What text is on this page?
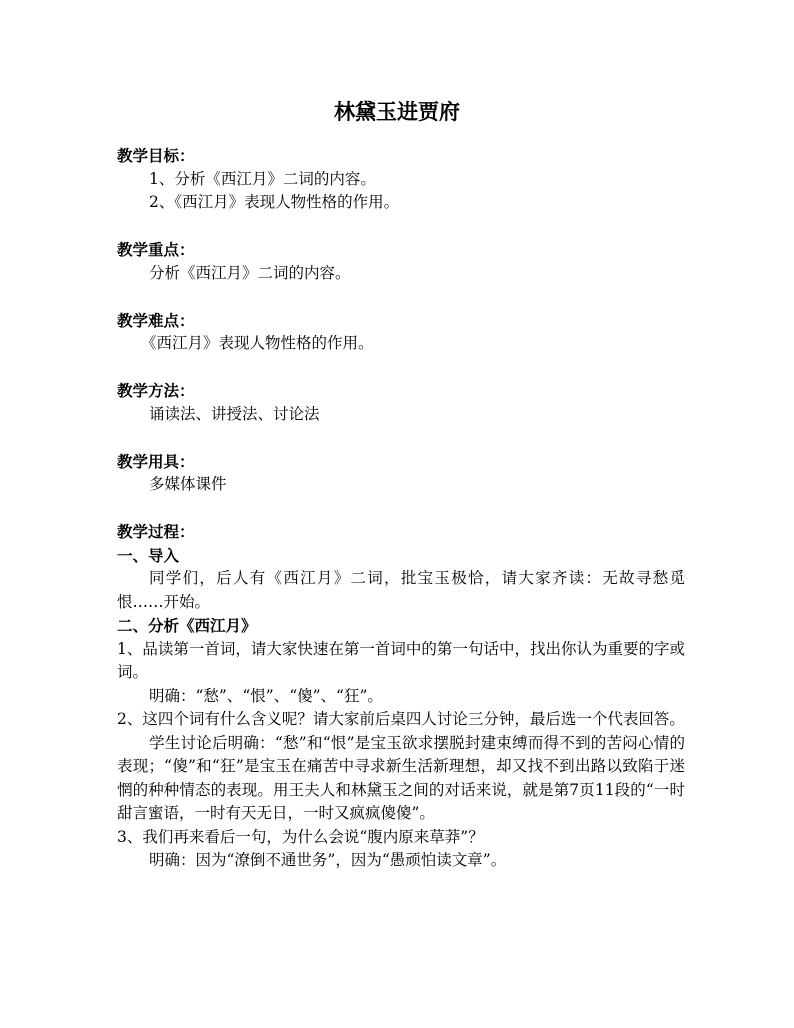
林黛玉进贾府
教学目标：
1、分析《西江月》二词的内容。
2、《西江月》表现人物性格的作用。
教学重点：
分析《西江月》二词的内容。
教学难点：
《西江月》表现人物性格的作用。
教学方法：
诵读法、讲授法、讨论法
教学用具：
多媒体课件
教学过程：
一、导入
同学们，后人有《西江月》二词，批宝玉极恰，请大家齐读：无故寻愁觅恨……开始。
二、分析《西江月》
1、品读第一首词，请大家快速在第一首词中的第一句话中，找出你认为重要的字或词。
明确：“愁”、“恨”、“傻”、“狂”。
2、这四个词有什么含义呢？请大家前后桌四人讨论三分钟，最后选一个代表回答。
学生讨论后明确：“愁”和“恨”是宝玉欲求摆脱封建束缚而得不到的苦闷心情的表现；“傻”和“狂”是宝玉在痛苦中寻求新生活新理想，却又找不到出路以致陷于迷惘的种种情态的表现。用王夫人和林黛玉之间的对话来说，就是第7页11段的“一时甜言蜜语，一时有天无日，一时又疯疯傻傻”。
3、我们再来看后一句，为什么会说“腹内原来草莽”？
明确：因为“潦倒不通世务”，因为“愚顽怕读文章”。
